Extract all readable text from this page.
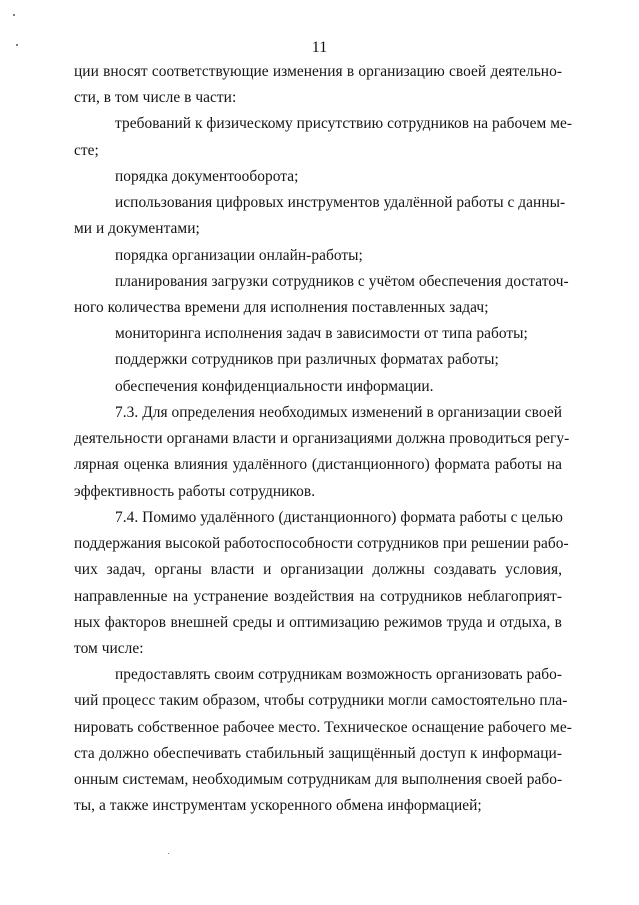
11
ции вносят соответствующие изменения в организацию своей деятельно-
сти, в том числе в части:
требований к физическому присутствию сотрудников на рабочем ме-
сте;
порядка документооборота;
использования цифровых инструментов удалённой работы с данны-
ми и документами;
порядка организации онлайн-работы;
планирования загрузки сотрудников с учётом обеспечения достаточ-
ного количества времени для исполнения поставленных задач;
мониторинга исполнения задач в зависимости от типа работы;
поддержки сотрудников при различных форматах работы;
обеспечения конфиденциальности информации.
7.3. Для определения необходимых изменений в организации своей
деятельности органами власти и организациями должна проводиться регу-
лярная оценка влияния удалённого (дистанционного) формата работы на
эффективность работы сотрудников.
7.4. Помимо удалённого (дистанционного) формата работы с целью
поддержания высокой работоспособности сотрудников при решении рабо-
чих задач, органы власти и организации должны создавать условия,
направленные на устранение воздействия на сотрудников неблагоприят-
ных факторов внешней среды и оптимизацию режимов труда и отдыха, в
том числе:
предоставлять своим сотрудникам возможность организовать рабо-
чий процесс таким образом, чтобы сотрудники могли самостоятельно пла-
нировать собственное рабочее место. Техническое оснащение рабочего ме-
ста должно обеспечивать стабильный защищённый доступ к информаци-
онным системам, необходимым сотрудникам для выполнения своей рабо-
ты, а также инструментам ускоренного обмена информацией;
